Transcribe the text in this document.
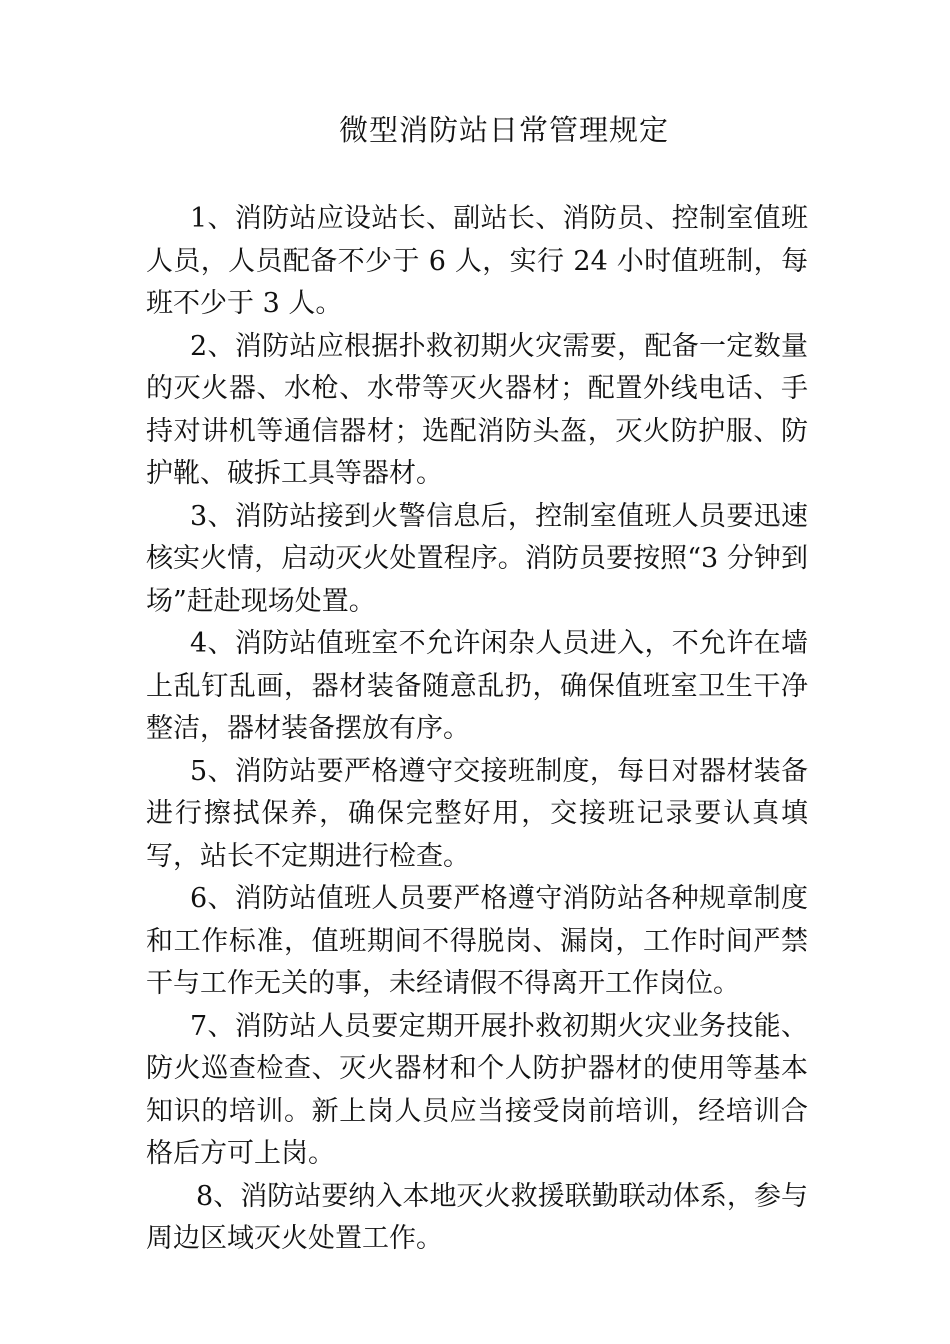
微型消防站日常管理规定

1、消防站应设站长、副站长、消防员、控制室值班人员，人员配备不少于 6 人，实行 24 小时值班制，每班不少于 3 人。

2、消防站应根据扑救初期火灾需要，配备一定数量的灭火器、水枪、水带等灭火器材；配置外线电话、手持对讲机等通信器材；选配消防头盔，灭火防护服、防护靴、破拆工具等器材。

3、消防站接到火警信息后，控制室值班人员要迅速核实火情，启动灭火处置程序。消防员要按照“3 分钟到场”赶赴现场处置。

4、消防站值班室不允许闲杂人员进入，不允许在墙上乱钉乱画，器材装备随意乱扔，确保值班室卫生干净整洁，器材装备摆放有序。

5、消防站要严格遵守交接班制度，每日对器材装备进行擦拭保养，确保完整好用，交接班记录要认真填写，站长不定期进行检查。

6、消防站值班人员要严格遵守消防站各种规章制度和工作标准，值班期间不得脱岗、漏岗，工作时间严禁干与工作无关的事，未经请假不得离开工作岗位。

7、消防站人员要定期开展扑救初期火灾业务技能、防火巡查检查、灭火器材和个人防护器材的使用等基本知识的培训。新上岗人员应当接受岗前培训，经培训合格后方可上岗。

8、消防站要纳入本地灭火救援联勤联动体系，参与周边区域灭火处置工作。
